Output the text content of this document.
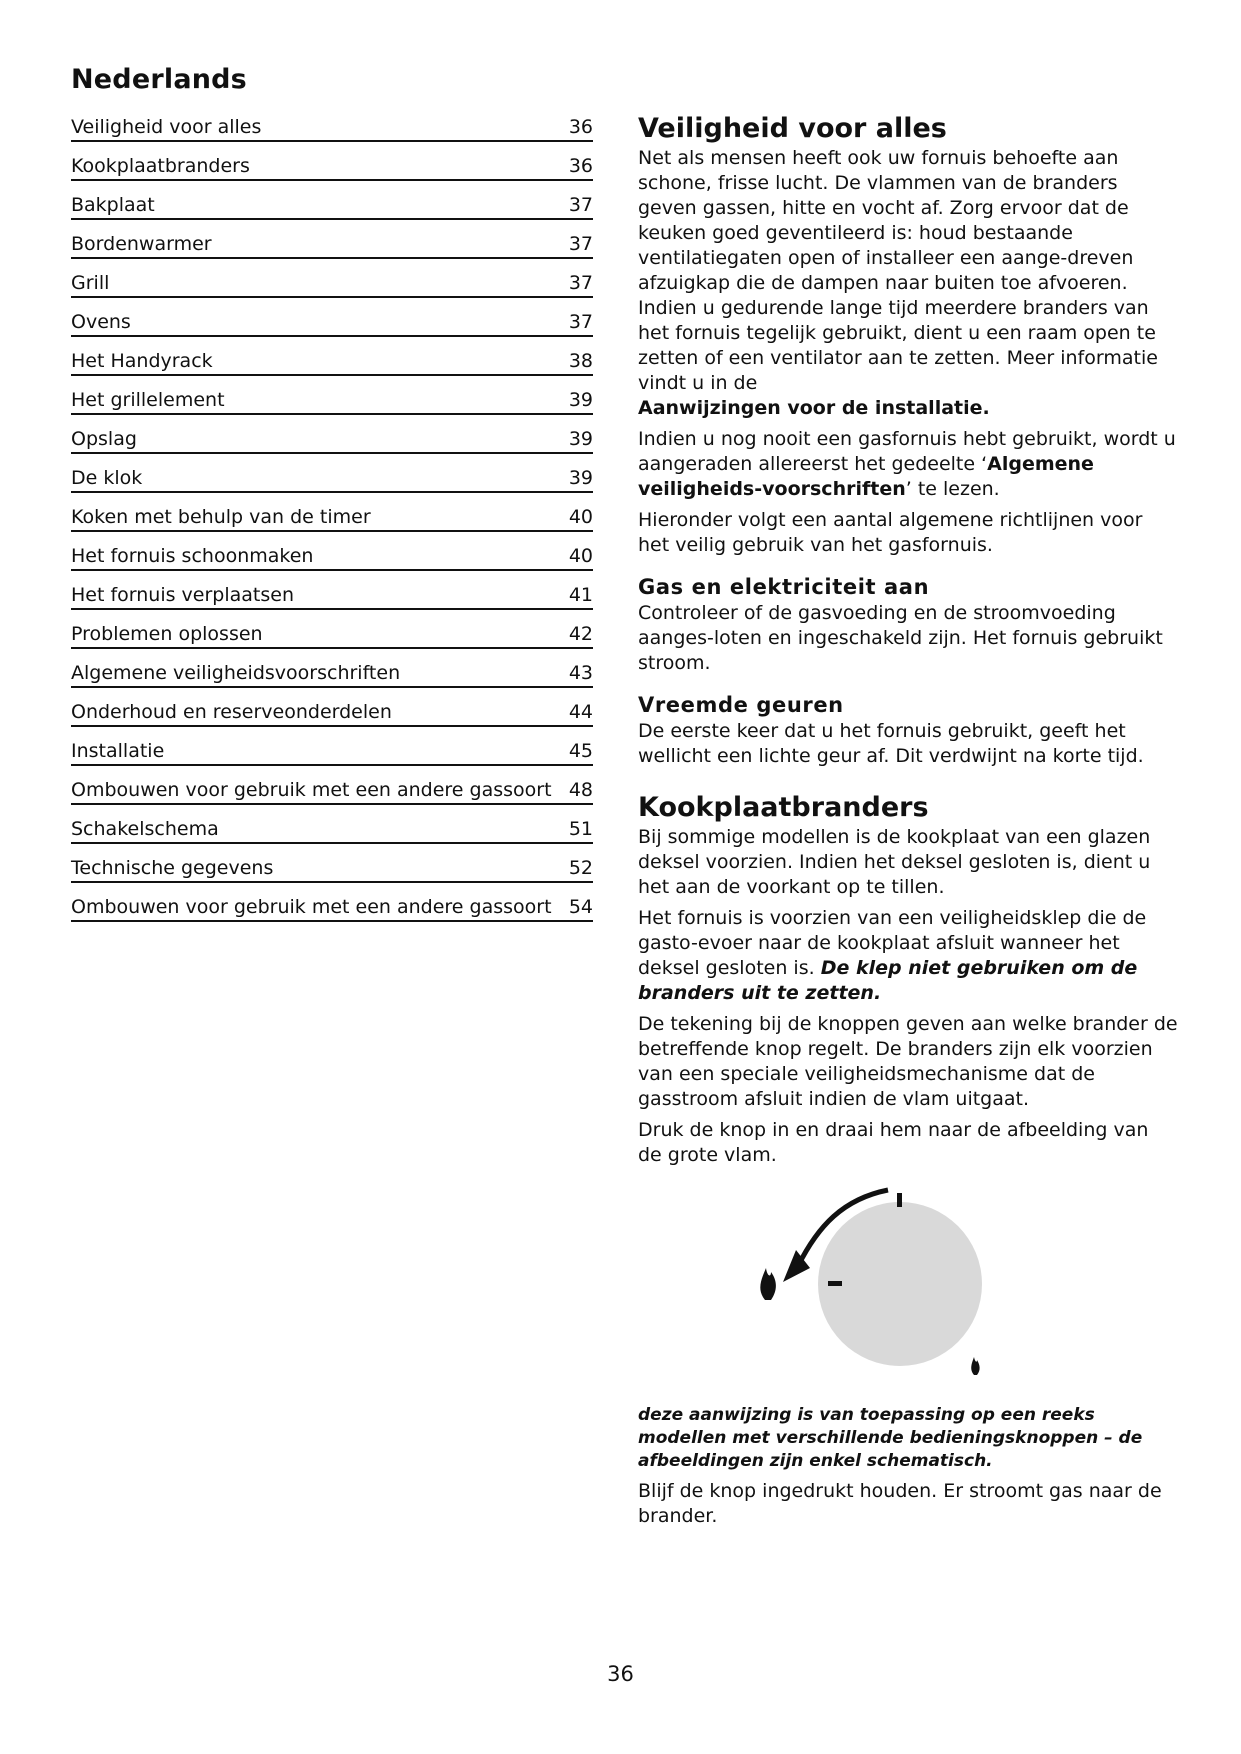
Nederlands
Veiligheid voor alles	36
Kookplaatbranders	36
Bakplaat	37
Bordenwarmer	37
Grill	37
Ovens	37
Het Handyrack	38
Het grillelement	39
Opslag	39
De klok	39
Koken met behulp van de timer	40
Het fornuis schoonmaken	40
Het fornuis verplaatsen	41
Problemen oplossen	42
Algemene veiligheidsvoorschriften	43
Onderhoud en reserveonderdelen	44
Installatie	45
Ombouwen voor gebruik met een andere gassoort 48
Schakelschema	51
Technische gegevens	52
Ombouwen voor gebruik met een andere gassoort 54
Veiligheid voor alles

Net als mensen heeft ook uw fornuis behoefte aan schone, frisse lucht. De vlammen van de branders geven gassen, hitte en vocht af. Zorg ervoor dat de keuken goed geventileerd is: houd bestaande ventilatiegaten open of installeer een aange-dreven afzuigkap die de dampen naar buiten toe afvoeren. Indien u gedurende lange tijd meerdere branders van het fornuis tegelijk gebruikt, dient u een raam open te zetten of een ventilator aan te zetten. Meer informatie vindt u in de
Aanwijzingen voor de installatie.

Indien u nog nooit een gasfornuis hebt gebruikt, wordt u aangeraden allereerst het gedeelte ‘Algemene veiligheids-voorschriften’ te lezen.

Hieronder volgt een aantal algemene richtlijnen voor het veilig gebruik van het gasfornuis.

Gas en elektriciteit aan

Controleer of de gasvoeding en de stroomvoeding aanges-loten en ingeschakeld zijn. Het fornuis gebruikt stroom.

Vreemde geuren

De eerste keer dat u het fornuis gebruikt, geeft het wellicht een lichte geur af. Dit verdwijnt na korte tijd.

Kookplaatbranders

Bij sommige modellen is de kookplaat van een glazen deksel voorzien. Indien het deksel gesloten is, dient u het aan de voorkant op te tillen.

Het fornuis is voorzien van een veiligheidsklep die de gasto-evoer naar de kookplaat afsluit wanneer het deksel gesloten is. De klep niet gebruiken om de branders uit te zetten.

De tekening bij de knoppen geven aan welke brander de betreffende knop regelt. De branders zijn elk voorzien van een speciale veiligheidsmechanisme dat de gasstroom afsluit indien de vlam uitgaat.

Druk de knop in en draai hem naar de afbeelding van de grote vlam.

deze aanwijzing is van toepassing op een reeks modellen met verschillende bedieningsknoppen – de afbeeldingen zijn enkel schematisch.

Blijf de knop ingedrukt houden. Er stroomt gas naar de brander.

36
